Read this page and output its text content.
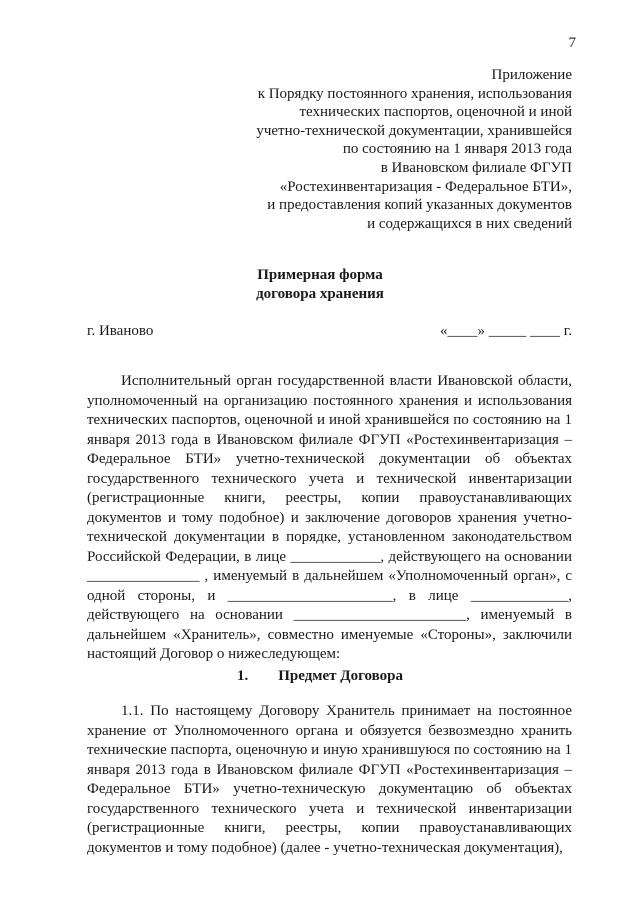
7
Приложение
к Порядку постоянного хранения, использования
технических паспортов, оценочной и иной
учетно-технической документации, хранившейся
по состоянию на 1 января 2013 года
в Ивановском филиале ФГУП
«Ростехинвентаризация - Федеральное БТИ»,
и предоставления копий указанных документов
и содержащихся в них сведений
Примерная форма
договора хранения
г. Иваново	«____» _____ ____ г.

Исполнительный орган государственной власти Ивановской области, уполномоченный на организацию постоянного хранения и использования технических паспортов, оценочной и иной хранившейся по состоянию на 1 января 2013 года в Ивановском филиале ФГУП «Ростехинвентаризация – Федеральное БТИ» учетно-технической документации об объектах государственного технического учета и технической инвентаризации (регистрационные книги, реестры, копии правоустанавливающих документов и тому подобное) и заключение договоров хранения учетно-технической документации в порядке, установленном законодательством Российской Федерации, в лице ____________, действующего на основании _______________ , именуемый в дальнейшем «Уполномоченный орган», с одной стороны, и ______________________, в лице _____________, действующего на основании _______________________, именуемый в дальнейшем «Хранитель», совместно именуемые «Стороны», заключили настоящий Договор о нижеследующем:

1. Предмет Договора

1.1. По настоящему Договору Хранитель принимает на постоянное хранение от Уполномоченного органа и обязуется безвозмездно хранить технические паспорта, оценочную и иную хранившуюся по состоянию на 1 января 2013 года в Ивановском филиале ФГУП «Ростехинвентаризация – Федеральное БТИ» учетно-техническую документацию об объектах государственного технического учета и технической инвентаризации (регистрационные книги, реестры, копии правоустанавливающих документов и тому подобное) (далее - учетно-техническая документация),
